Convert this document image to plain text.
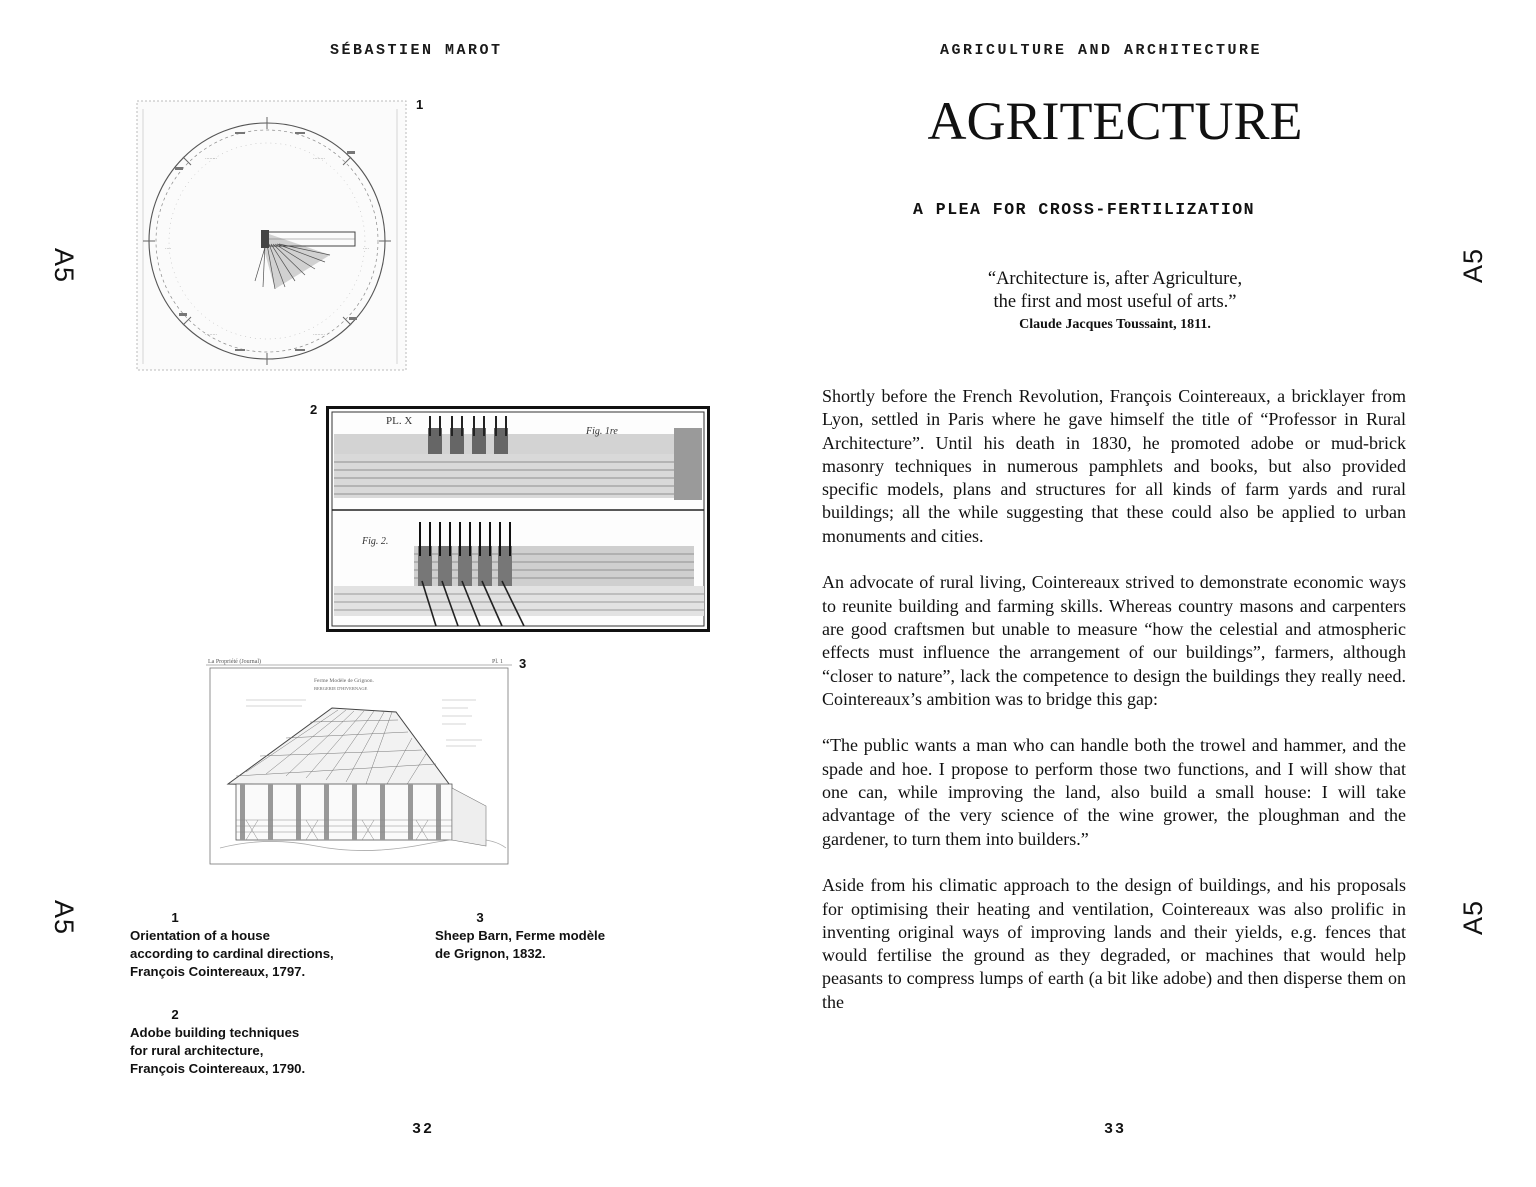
SÉBASTIEN MAROT
A5
A5
........	........
....	....
........	........
1
2
PL. X
Fig. 1re
Fig. 2.
La Propriété (Journal)	Pl. 1
Ferme Modèle de Grignon.
BERGERIE D'HIVERNAGE
3
1
Orientation of a house
according to cardinal directions,
François Cointereaux, 1797.
2
Adobe building techniques
for rural architecture,
François Cointereaux, 1790.
3
Sheep Barn, Ferme modèle
de Grignon, 1832.
32
AGRICULTURE AND ARCHITECTURE
A5
A5
AGRITECTURE
A PLEA FOR CROSS-FERTILIZATION
“Architecture is, after Agriculture,
the first and most useful of arts.”
Claude Jacques Toussaint, 1811.

Shortly before the French Revolution, François Cointereaux, a bricklayer from Lyon, settled in Paris where he gave himself the title of “Professor in Rural Architecture”. Until his death in 1830, he promoted adobe or mud-brick masonry techniques in numerous pamphlets and books, but also provided specific models, plans and structures for all kinds of farm yards and rural buildings; all the while suggesting that these could also be applied to urban monuments and cities.

An advocate of rural living, Cointereaux strived to demonstrate economic ways to reunite building and farming skills. Whereas country masons and carpenters are good craftsmen but unable to measure “how the celestial and atmospheric effects must influence the arrangement of our buildings”, farmers, although “closer to nature”, lack the competence to design the buildings they really need. Cointereaux’s ambition was to bridge this gap:

“The public wants a man who can handle both the trowel and hammer, and the spade and hoe. I propose to perform those two functions, and I will show that one can, while improving the land, also build a small house: I will take advantage of the very science of the wine grower, the ploughman and the gardener, to turn them into builders.”

Aside from his climatic approach to the design of buildings, and his proposals for optimising their heating and ventilation, Cointereaux was also prolific in inventing original ways of improving lands and their yields, e.g. fences that would fertilise the ground as they degraded, or machines that would help peasants to compress lumps of earth (a bit like adobe) and then disperse them on the

33
